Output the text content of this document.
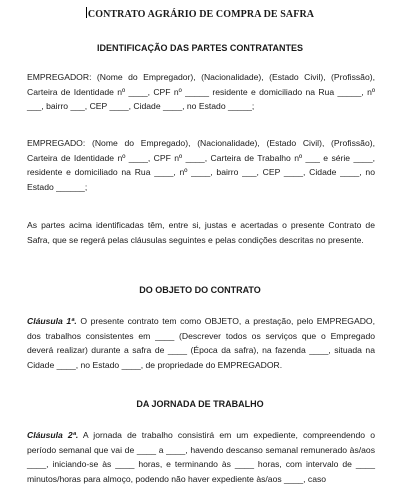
CONTRATO AGRÁRIO DE COMPRA DE SAFRA
IDENTIFICAÇÃO DAS PARTES CONTRATANTES

EMPREGADOR: (Nome do Empregador), (Nacionalidade), (Estado Civil), (Profissão), Carteira de Identidade nº ____, CPF nº _____ residente e domiciliado na Rua _____, nº ___, bairro ___, CEP ____, Cidade ____, no Estado _____;

EMPREGADO: (Nome do Empregado), (Nacionalidade), (Estado Civil), (Profissão), Carteira de Identidade nº ____, CPF nº ____, Carteira de Trabalho nº ___ e série ____, residente e domiciliado na Rua ____, nº ____, bairro ___, CEP ____, Cidade ____, no Estado ______;

As partes acima identificadas têm, entre si, justas e acertadas o presente Contrato de Safra, que se regerá pelas cláusulas seguintes e pelas condições descritas no presente.

DO OBJETO DO CONTRATO

Cláusula 1ª. O presente contrato tem como OBJETO, a prestação, pelo EMPREGADO, dos trabalhos consistentes em ____ (Descrever todos os serviços que o Empregado deverá realizar) durante a safra de ____ (Época da safra), na fazenda ____, situada na Cidade ____, no Estado ____, de propriedade do EMPREGADOR.

DA JORNADA DE TRABALHO

Cláusula 2ª. A jornada de trabalho consistirá em um expediente, compreendendo o período semanal que vai de ____ a ____, havendo descanso semanal remunerado às/aos ____, iniciando-se às ____ horas, e terminando às ____ horas, com intervalo de ____ minutos/horas para almoço, podendo não haver expediente às/aos ____, caso
